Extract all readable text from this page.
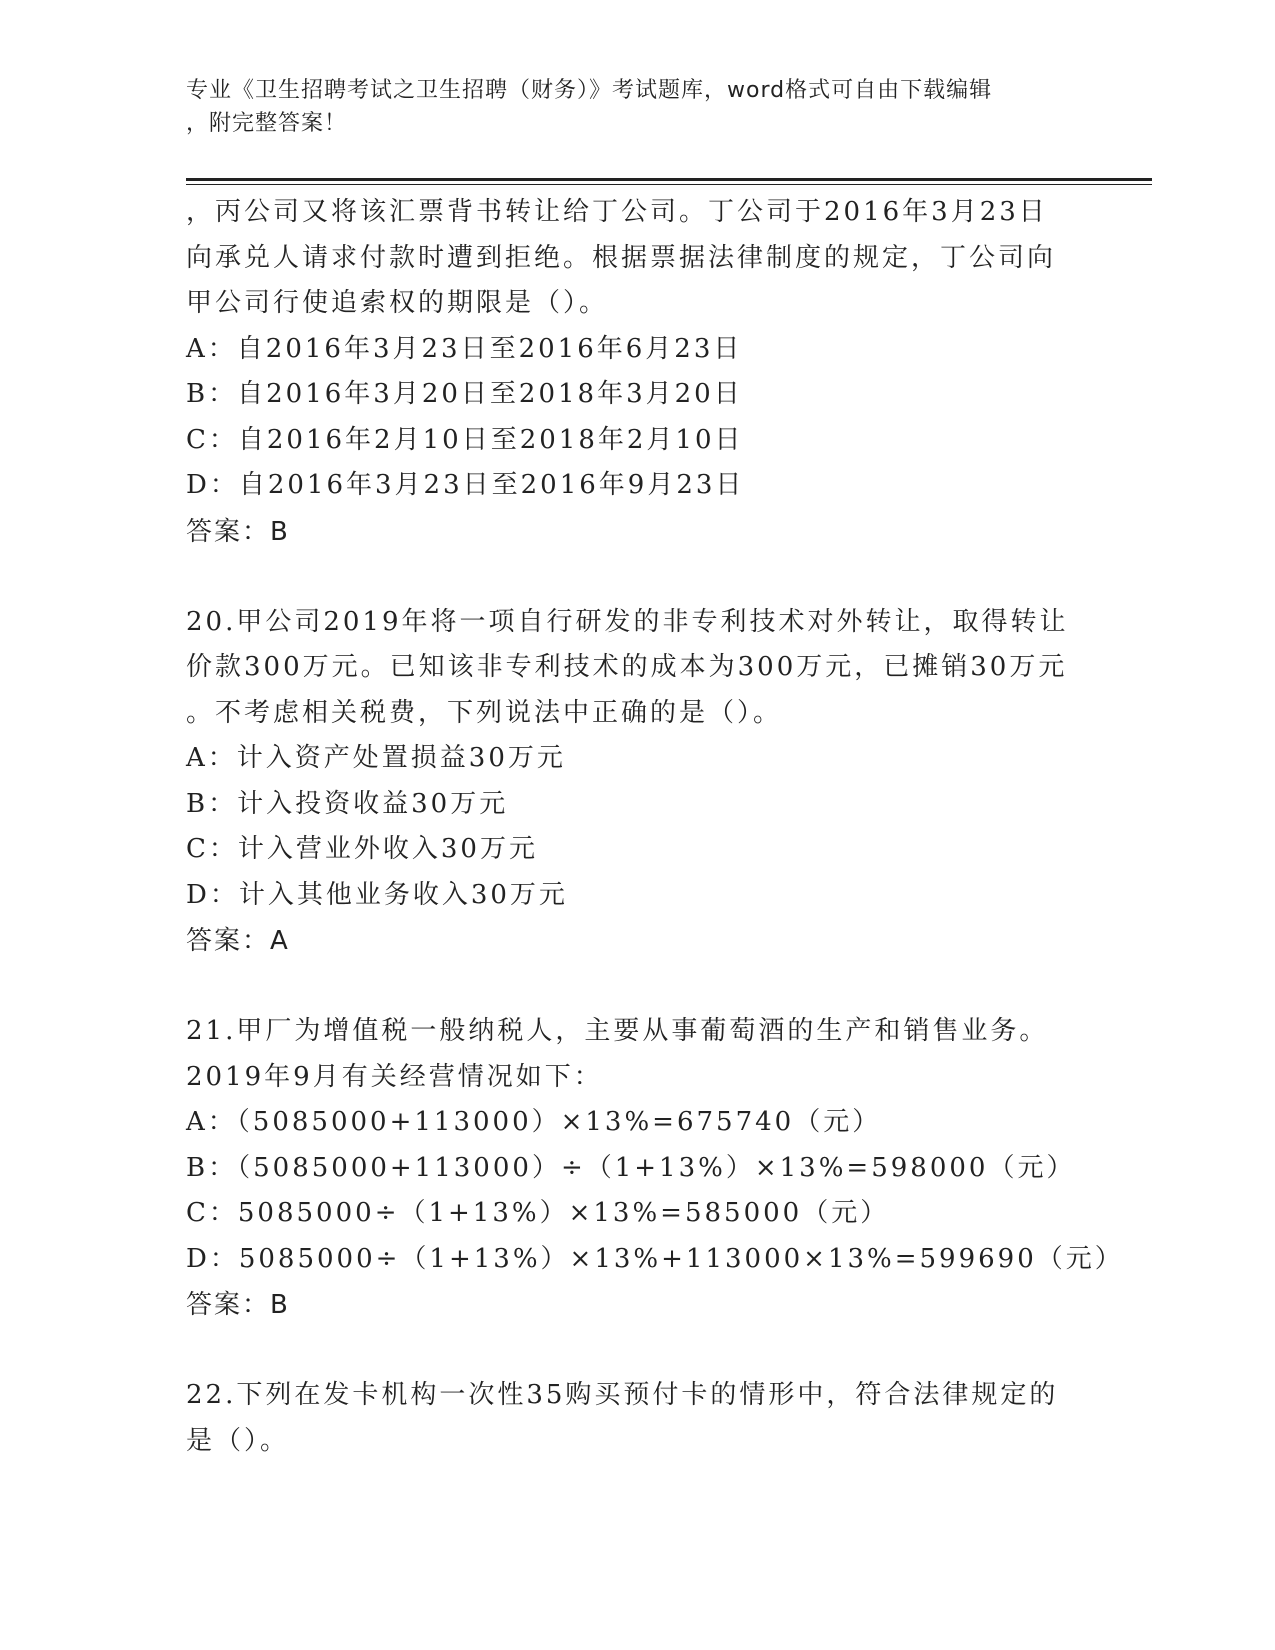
专业《卫生招聘考试之卫生招聘（财务）》考试题库，word格式可自由下载编辑
，附完整答案！
，丙公司又将该汇票背书转让给丁公司。丁公司于2016年3月23日
向承兑人请求付款时遭到拒绝。根据票据法律制度的规定，丁公司向
甲公司行使追索权的期限是（）。
A：自2016年3月23日至2016年6月23日
B：自2016年3月20日至2018年3月20日
C：自2016年2月10日至2018年2月10日
D：自2016年3月23日至2016年9月23日
答案：B
20.甲公司2019年将一项自行研发的非专利技术对外转让，取得转让
价款300万元。已知该非专利技术的成本为300万元，已摊销30万元
。不考虑相关税费，下列说法中正确的是（）。
A：计入资产处置损益30万元
B：计入投资收益30万元
C：计入营业外收入30万元
D：计入其他业务收入30万元
答案：A
21.甲厂为增值税一般纳税人，主要从事葡萄酒的生产和销售业务。
2019年9月有关经营情况如下：
A：（5085000+113000）×13%=675740（元）
B：（5085000+113000）÷（1+13%）×13%=598000（元）
C：5085000÷（1+13%）×13%=585000（元）
D：5085000÷（1+13%）×13%+113000×13%=599690（元）
答案：B
22.下列在发卡机构一次性35购买预付卡的情形中，符合法律规定的
是（）。
